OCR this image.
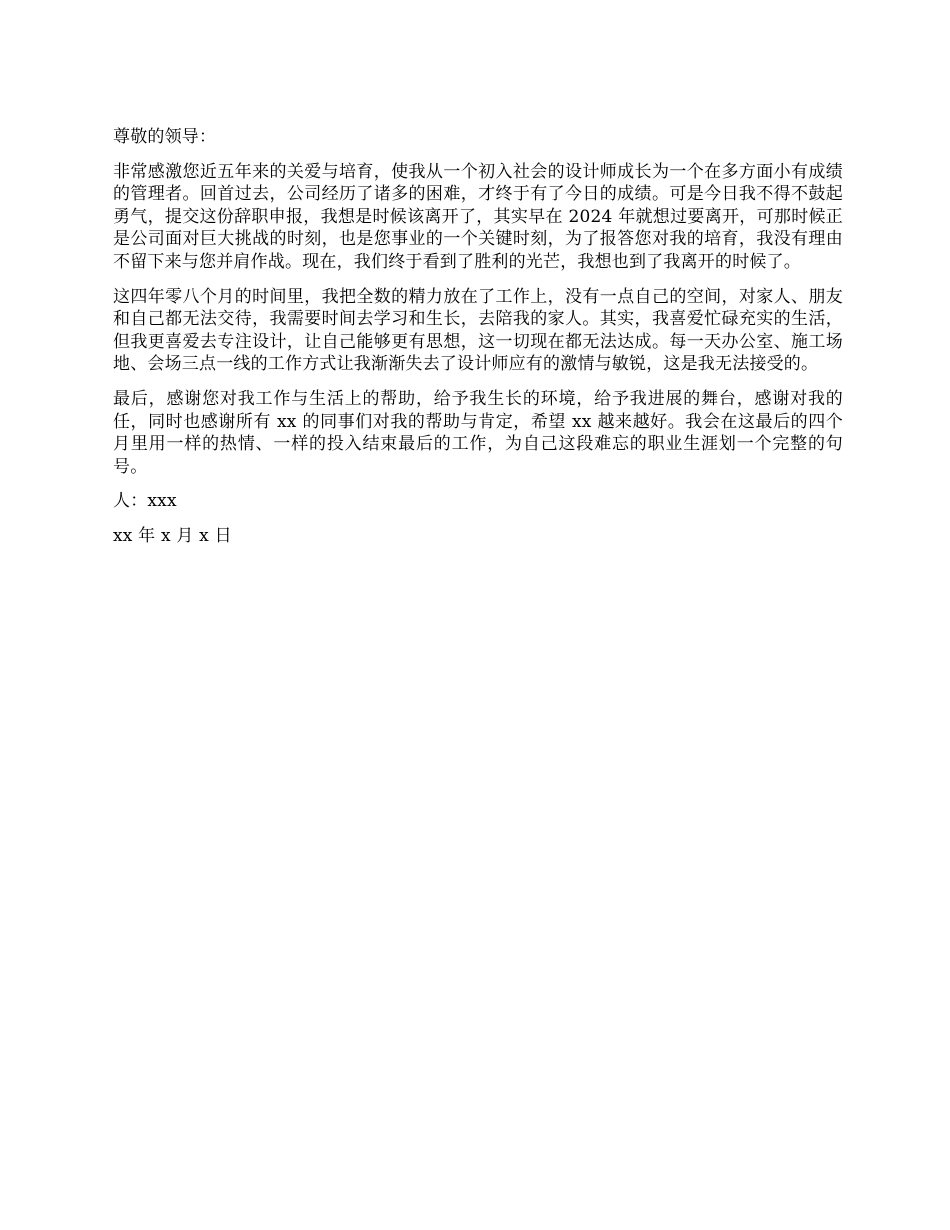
尊敬的领导：

非常感激您近五年来的关爱与培育，使我从一个初入社会的设计师成长为一个在多方面小有成绩的管理者。回首过去，公司经历了诸多的困难，才终于有了今日的成绩。可是今日我不得不鼓起勇气，提交这份辞职申报，我想是时候该离开了，其实早在 2024 年就想过要离开，可那时候正是公司面对巨大挑战的时刻，也是您事业的一个关键时刻，为了报答您对我的培育，我没有理由不留下来与您并肩作战。现在，我们终于看到了胜利的光芒，我想也到了我离开的时候了。

这四年零八个月的时间里，我把全数的精力放在了工作上，没有一点自己的空间，对家人、朋友和自己都无法交待，我需要时间去学习和生长，去陪我的家人。其实，我喜爱忙碌充实的生活，但我更喜爱去专注设计，让自己能够更有思想，这一切现在都无法达成。每一天办公室、施工场地、会场三点一线的工作方式让我渐渐失去了设计师应有的激情与敏锐，这是我无法接受的。

最后，感谢您对我工作与生活上的帮助，给予我生长的环境，给予我进展的舞台，感谢对我的任，同时也感谢所有 xx 的同事们对我的帮助与肯定，希望 xx 越来越好。我会在这最后的四个月里用一样的热情、一样的投入结束最后的工作，为自己这段难忘的职业生涯划一个完整的句号。

人：xxx

xx 年 x 月 x 日
